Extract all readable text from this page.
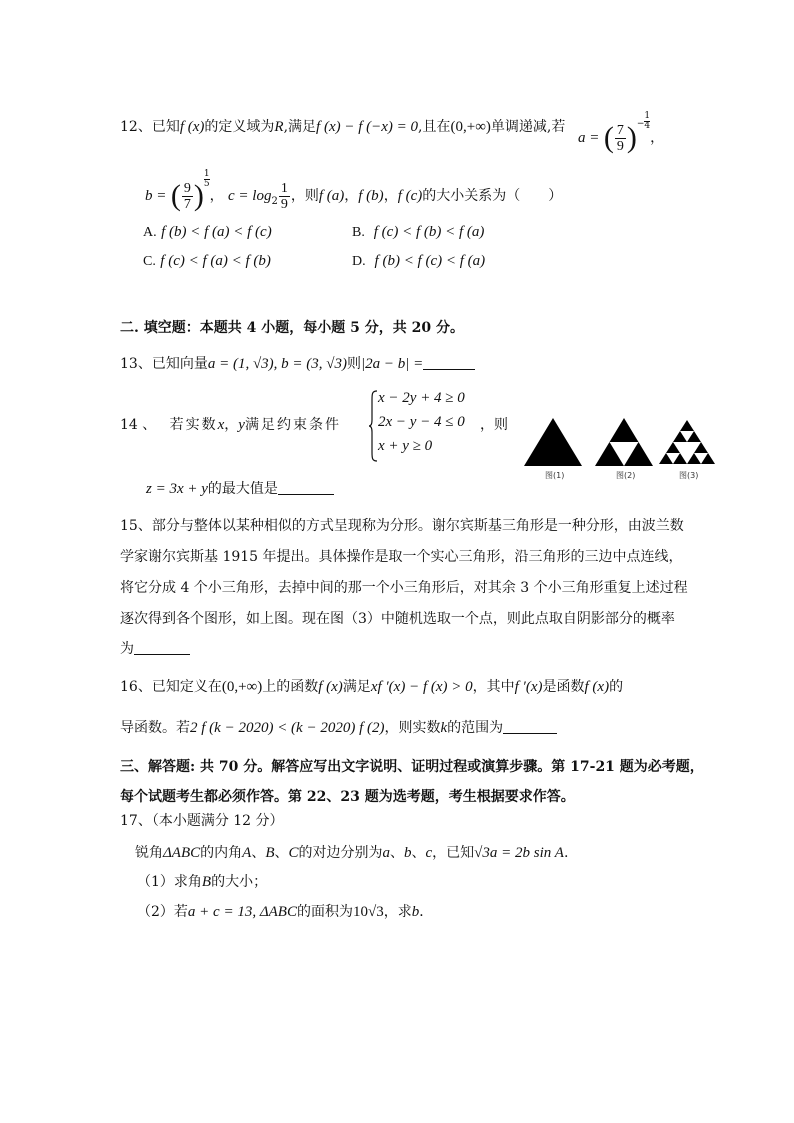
12、已知f (x)的定义域为R,满足f (x) − f (−x) = 0,且在(0,+∞)单调递减,若
a = ( $\frac{7}{9} )^- \frac{1}{4}$
，
b = ( $\frac{9}{7}$ ) $\frac{1}{5}$
， $c = \log_2 \frac{1}{9}$ ，则f (a)，f (b)，f (c)的大小关系为（　　）
A. f (b) < f (a) < f (c)	B. f (c) < f (b) < f (a)
C. f (c) < f (a) < f (b)	D. f (b) < f (c) < f (a)
二. 填空题：本题共 4 小题，每小题 5 分，共 20 分。
13、已知向量a = (1, √3), b = (3, √3)则|2a − b| =
14 、 若实数x，y满足约束条件
x − 2y + 4 ≥ 0
2x − y − 4 ≤ 0
x + y ≥ 0
，则
z = 3x + y的最大值是
图(1)	图(2)	图(3)
15、部分与整体以某种相似的方式呈现称为分形。谢尔宾斯基三角形是一种分形，由波兰数
学家谢尔宾斯基 1915 年提出。具体操作是取一个实心三角形，沿三角形的三边中点连线，
将它分成 4 个小三角形，去掉中间的那一个小三角形后，对其余 3 个小三角形重复上述过程
逐次得到各个图形，如上图。现在图（3）中随机选取一个点，则此点取自阴影部分的概率
为
16、已知定义在(0,+∞)上的函数f (x)满足xf ′(x) − f (x) > 0，其中f ′(x)是函数f (x)的
导函数。若2 f (k − 2020) < (k − 2020) f (2)，则实数k的范围为
三、解答题: 共 70 分。解答应写出文字说明、证明过程或演算步骤。第 17-21 题为必考题，
每个试题考生都必须作答。第 22、23 题为选考题，考生根据要求作答。
17、（本小题满分 12 分）
锐角ΔABC的内角A、B、C的对边分别为a、b、c，已知√3a = 2b sin A.
（1）求角B的大小；
（2）若a + c = 13, ΔABC的面积为10√3，求b．
